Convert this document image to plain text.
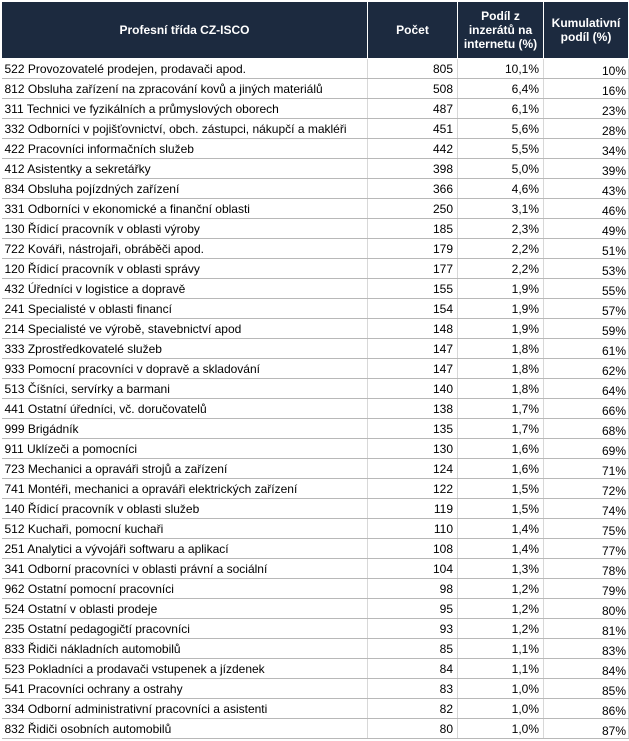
Profesní třída CZ-ISCO	Počet	Podíl z inzerátů na internetu (%)	Kumulativní podíl (%)
522 Provozovatelé prodejen, prodavači apod.	805	10,1%	10%
812 Obsluha zařízení na zpracování kovů a jiných materiálů	508	6,4%	16%
311 Technici ve fyzikálních a průmyslových oborech	487	6,1%	23%
332 Odborníci v pojišťovnictví, obch. zástupci, nákupčí a makléři	451	5,6%	28%
422 Pracovníci informačních služeb	442	5,5%	34%
412 Asistentky a sekretářky	398	5,0%	39%
834 Obsluha pojízdných zařízení	366	4,6%	43%
331 Odborníci v ekonomické a finanční oblasti	250	3,1%	46%
130 Řídicí pracovník v oblasti výroby	185	2,3%	49%
722 Kováři, nástrojaři, obráběči apod.	179	2,2%	51%
120 Řídicí pracovník v oblasti správy	177	2,2%	53%
432 Úředníci v logistice a dopravě	155	1,9%	55%
241 Specialisté v oblasti financí	154	1,9%	57%
214 Specialisté ve výrobě, stavebnictví apod	148	1,9%	59%
333 Zprostředkovatelé služeb	147	1,8%	61%
933 Pomocní pracovníci v dopravě a skladování	147	1,8%	62%
513 Číšníci, servírky a barmani	140	1,8%	64%
441 Ostatní úředníci, vč. doručovatelů	138	1,7%	66%
999 Brigádník	135	1,7%	68%
911 Uklízeči a pomocníci	130	1,6%	69%
723 Mechanici a opraváři strojů a zařízení	124	1,6%	71%
741 Montéři, mechanici a opraváři elektrických zařízení	122	1,5%	72%
140 Řídicí pracovník v oblasti služeb	119	1,5%	74%
512 Kuchaři, pomocní kuchaři	110	1,4%	75%
251 Analytici a vývojáři softwaru a aplikací	108	1,4%	77%
341 Odborní pracovníci v oblasti právní a sociální	104	1,3%	78%
962 Ostatní pomocní pracovníci	98	1,2%	79%
524 Ostatní v oblasti prodeje	95	1,2%	80%
235 Ostatní pedagogičtí pracovníci	93	1,2%	81%
833 Řidiči nákladních automobilů	85	1,1%	83%
523 Pokladníci a prodavači vstupenek a jízdenek	84	1,1%	84%
541 Pracovníci ochrany a ostrahy	83	1,0%	85%
334 Odborní administrativní pracovníci a asistenti	82	1,0%	86%
832 Řidiči osobních automobilů	80	1,0%	87%
